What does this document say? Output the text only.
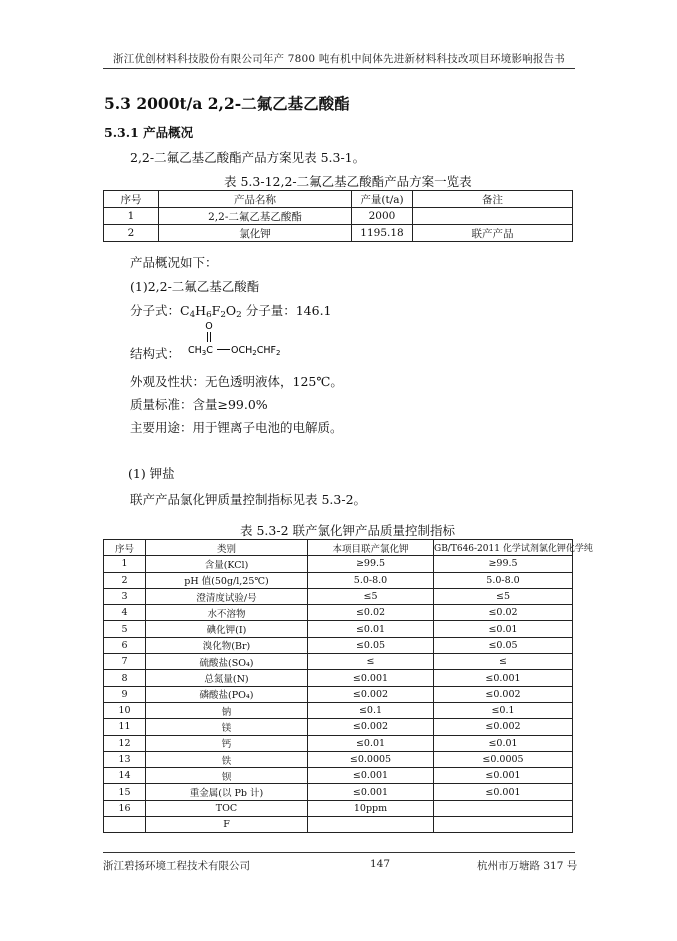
浙江优创材料科技股份有限公司年产 7800 吨有机中间体先进新材料科技改项目环境影响报告书
5.3 2000t/a 2,2-二氟乙基乙酸酯
5.3.1 产品概况
2,2-二氟乙基乙酸酯产品方案见表 5.3-1。
表 5.3-12,2-二氟乙基乙酸酯产品方案一览表
序号	产品名称	产量(t/a)	备注
1	2,2-二氟乙基乙酸酯	2000	
2	氯化钾	1195.18	联产产品
产品概况如下：
(1)2,2-二氟乙基乙酸酯
分子式：$C_4H_6F_2O_2$ 分子量：146.1
结构式：
O
$CH_3C$ $OCH_2CHF_2$
外观及性状：无色透明液体，125℃。
质量标准：含量≥99.0%
主要用途：用于锂离子电池的电解质。
(1) 钾盐
联产产品氯化钾质量控制指标见表 5.3-2。
表 5.3-2 联产氯化钾产品质量控制指标
序号	类别	本项目联产氯化钾	GB/T646-2011 化学试剂氯化钾化学纯
1	含量(KCl)	≥99.5	≥99.5
2	pH 值(50g/l,25℃)	5.0-8.0	5.0-8.0
3	澄清度试验/号	≤5	≤5
4	水不溶物	≤0.02	≤0.02
5	碘化钾(I)	≤0.01	≤0.01
6	溴化物(Br)	≤0.05	≤0.05
7	硫酸盐(SO₄)	≤	≤
8	总氮量(N)	≤0.001	≤0.001
9	磷酸盐(PO₄)	≤0.002	≤0.002
10	钠	≤0.1	≤0.1
11	镁	≤0.002	≤0.002
12	钙	≤0.01	≤0.01
13	铁	≤0.0005	≤0.0005
14	钡	≤0.001	≤0.001
15	重金属(以 Pb 计)	≤0.001	≤0.001
16	TOC	10ppm	
	F		
浙江碧扬环境工程技术有限公司	147	杭州市万塘路 317 号
